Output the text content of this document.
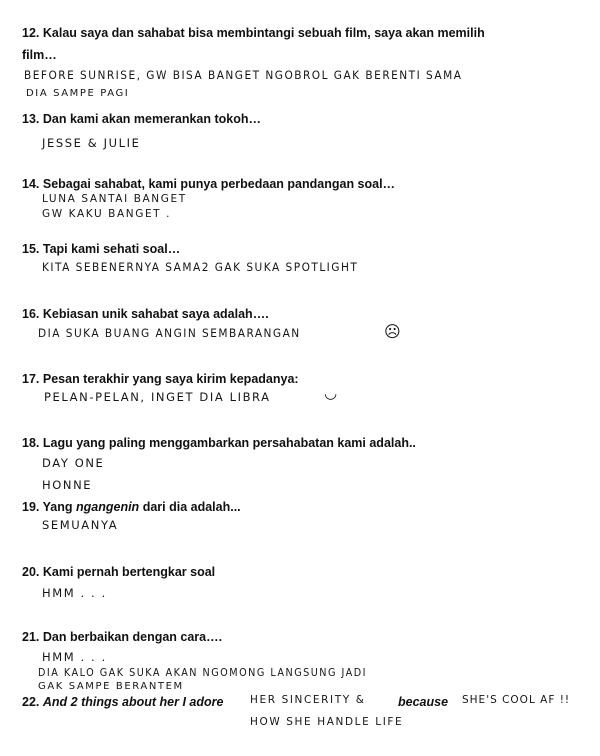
12. Kalau saya dan sahabat bisa membintangi sebuah film, saya akan memilih
film…
BEFORE SUNRISE, GW BISA BANGET NGOBROL GAK BERENTI SAMA
DIA SAMPE PAGI
13. Dan kami akan memerankan tokoh…
JESSE & JULIE
14. Sebagai sahabat, kami punya perbedaan pandangan soal…
LUNA SANTAI BANGET
GW KAKU BANGET .
15. Tapi kami sehati soal…
KITA SEBENERNYA SAMA2 GAK SUKA SPOTLIGHT
16. Kebiasan unik sahabat saya adalah….
DIA SUKA BUANG ANGIN SEMBARANGAN	☹
17. Pesan terakhir yang saya kirim kepadanya:
PELAN-PELAN, INGET DIA LIBRA	◡
18. Lagu yang paling menggambarkan persahabatan kami adalah..
DAY ONE
HONNE
19. Yang ngangenin dari dia adalah...
SEMUANYA
20. Kami pernah bertengkar soal
HMM . . .
21. Dan berbaikan dengan cara….
HMM . . .
DIA KALO GAK SUKA AKAN NGOMONG LANGSUNG JADI
GAK SAMPE BERANTEM
22. And 2 things about her I adore	HER SINCERITY &	because SHE'S COOL AF !!
HOW SHE HANDLE LIFE
